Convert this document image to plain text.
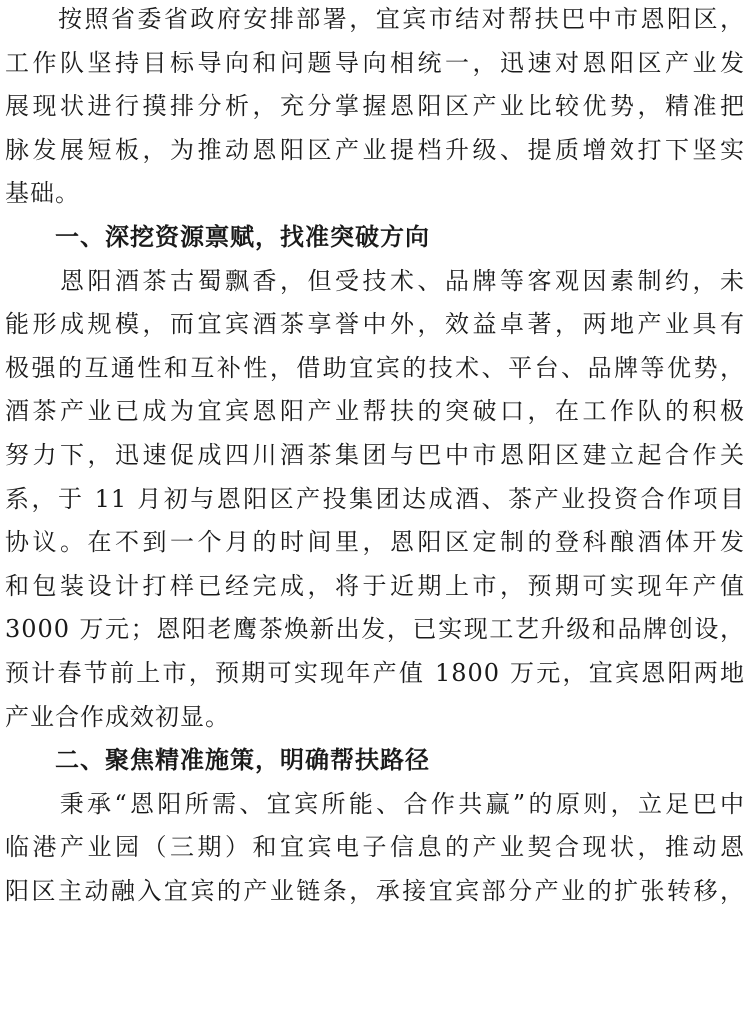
　　按照省委省政府安排部署，宜宾市结对帮扶巴中市恩阳区，
工作队坚持目标导向和问题导向相统一，迅速对恩阳区产业发
展现状进行摸排分析，充分掌握恩阳区产业比较优势，精准把
脉发展短板，为推动恩阳区产业提档升级、提质增效打下坚实
基础。
　　一、深挖资源禀赋，找准突破方向
　　恩阳酒茶古蜀飘香，但受技术、品牌等客观因素制约，未
能形成规模，而宜宾酒茶享誉中外，效益卓著，两地产业具有
极强的互通性和互补性，借助宜宾的技术、平台、品牌等优势，
酒茶产业已成为宜宾恩阳产业帮扶的突破口，在工作队的积极
努力下，迅速促成四川酒茶集团与巴中市恩阳区建立起合作关
系，于 11 月初与恩阳区产投集团达成酒、茶产业投资合作项目
协议。在不到一个月的时间里，恩阳区定制的登科酿酒体开发
和包装设计打样已经完成，将于近期上市，预期可实现年产值
3000 万元；恩阳老鹰茶焕新出发，已实现工艺升级和品牌创设，
预计春节前上市，预期可实现年产值 1800 万元，宜宾恩阳两地
产业合作成效初显。
　　二、聚焦精准施策，明确帮扶路径
　　秉承“恩阳所需、宜宾所能、合作共赢”的原则，立足巴中
临港产业园（三期）和宜宾电子信息的产业契合现状，推动恩
阳区主动融入宜宾的产业链条，承接宜宾部分产业的扩张转移，
